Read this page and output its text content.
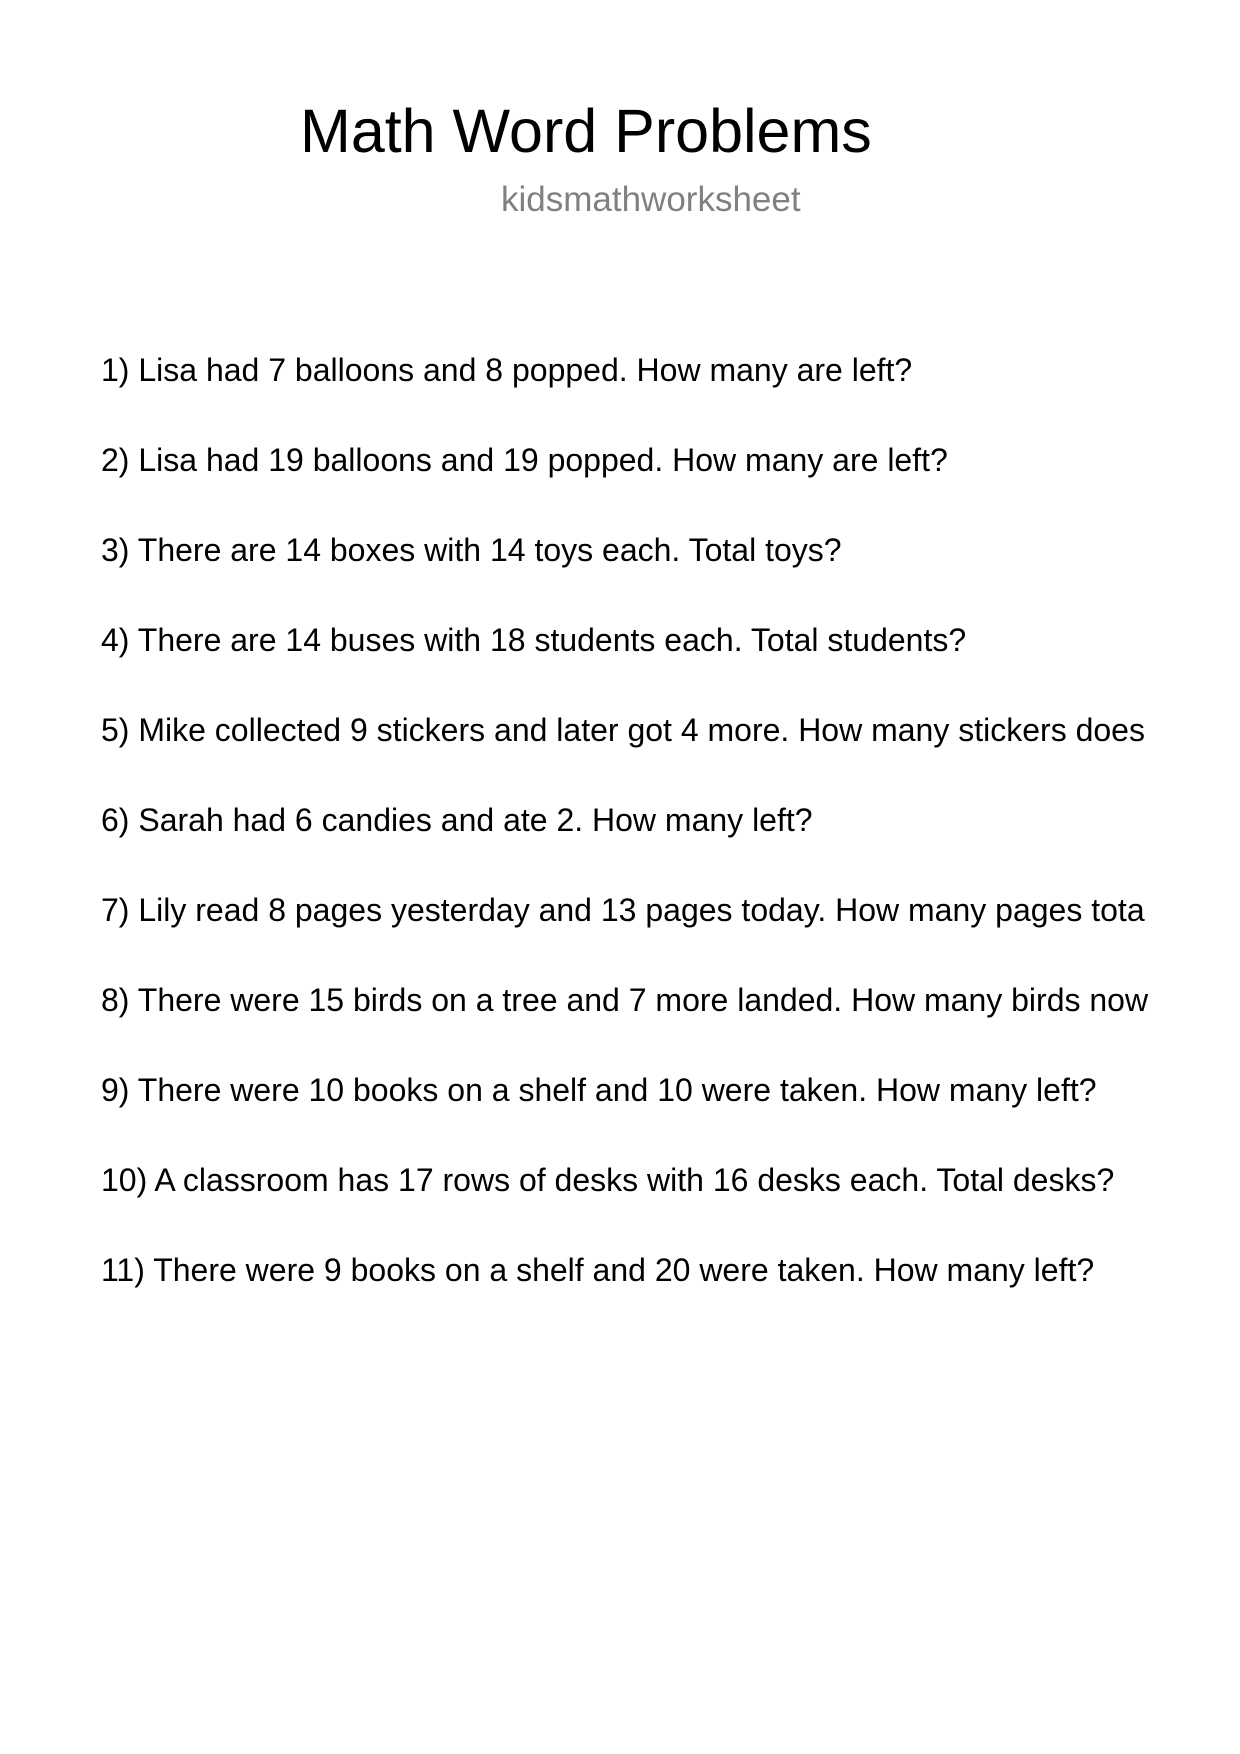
Math Word Problems
kidsmathworksheet
1) Lisa had 7 balloons and 8 popped. How many are left?
2) Lisa had 19 balloons and 19 popped. How many are left?
3) There are 14 boxes with 14 toys each. Total toys?
4) There are 14 buses with 18 students each. Total students?
5) Mike collected 9 stickers and later got 4 more. How many stickers does
6) Sarah had 6 candies and ate 2. How many left?
7) Lily read 8 pages yesterday and 13 pages today. How many pages tota
8) There were 15 birds on a tree and 7 more landed. How many birds now
9) There were 10 books on a shelf and 10 were taken. How many left?
10) A classroom has 17 rows of desks with 16 desks each. Total desks?
11) There were 9 books on a shelf and 20 were taken. How many left?
